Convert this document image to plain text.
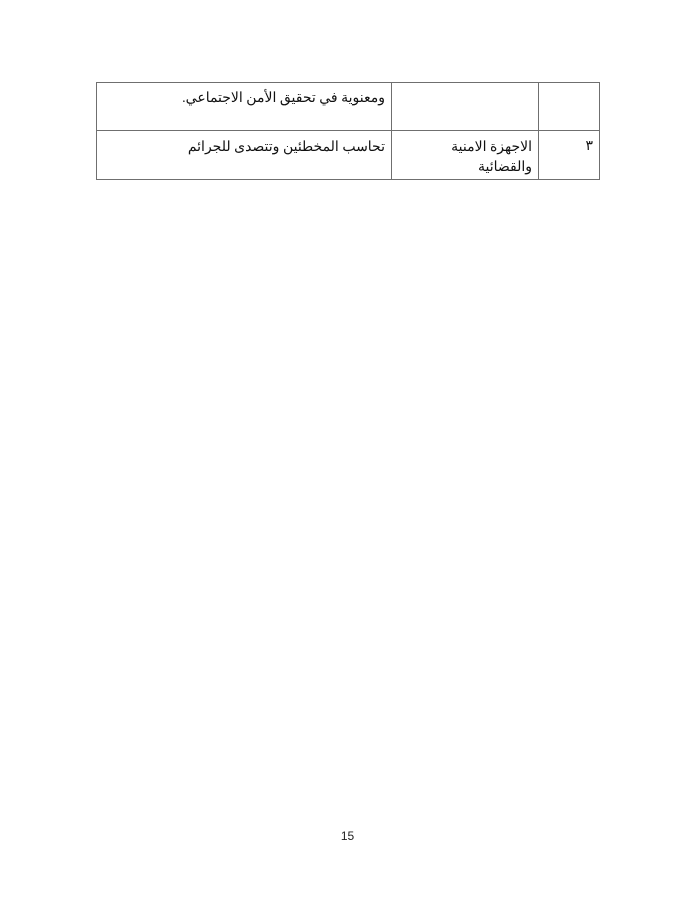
		ومعنوية في تحقيق الأمن الاجتماعي.
٣	الاجهزة الامنية والقضائية	تحاسب المخطئين وتتصدى للجرائم
15
